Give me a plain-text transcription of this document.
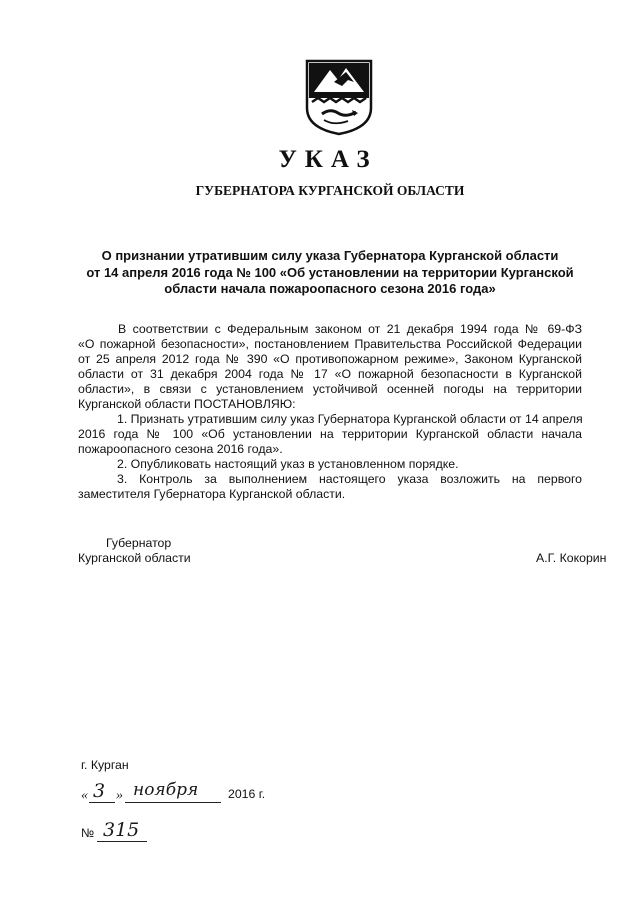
УКАЗ
ГУБЕРНАТОРА КУРГАНСКОЙ ОБЛАСТИ
О признании утратившим силу указа Губернатора Курганской области
от 14 апреля 2016 года № 100 «Об установлении на территории Курганской
области начала пожароопасного сезона 2016 года»
В соответствии с Федеральным законом от 21 декабря 1994 года № 69-ФЗ
«О пожарной безопасности», постановлением Правительства Российской Федерации
от 25 апреля 2012 года № 390 «О противопожарном режиме», Законом Курганской
области от 31 декабря 2004 года № 17 «О пожарной безопасности в Курганской
области», в связи с установлением устойчивой осенней погоды на территории
Курганской области ПОСТАНОВЛЯЮ:
1. Признать утратившим силу указ Губернатора Курганской области от 14 апреля
2016 года № 100 «Об установлении на территории Курганской области начала
пожароопасного сезона 2016 года».
2. Опубликовать настоящий указ в установленном порядке.
3. Контроль за выполнением настоящего указа возложить на первого
заместителя Губернатора Курганской области.
Губернатор
Курганской области	А.Г. Кокорин
г. Курган
« 3 » ноября 2016 г.
№ 315
